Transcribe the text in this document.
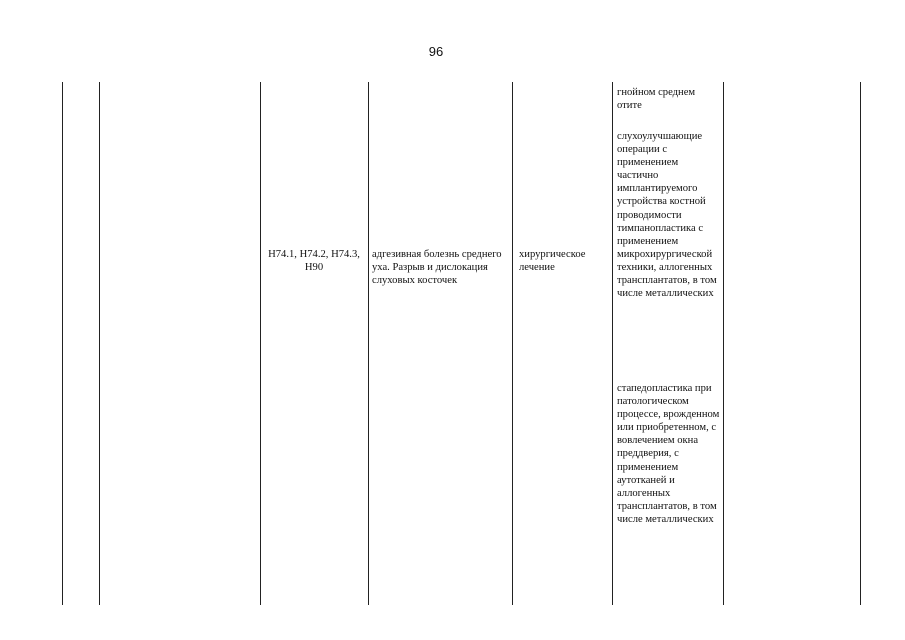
96
H74.1, H74.2, H74.3, H90
адгезивная болезнь среднего уха. Разрыв и дислокация слуховых косточек
хирургическое лечение
гнойном среднем отите
слухоулучшающие операции с применением частично имплантируемого устройства костной проводимости тимпанопластика с применением микрохирургической техники, аллогенных трансплантатов, в том числе металлических
стапедопластика при патологическом процессе, врожденном или приобретенном, с вовлечением окна преддверия, с применением аутотканей и аллогенных трансплантатов, в том числе металлических
